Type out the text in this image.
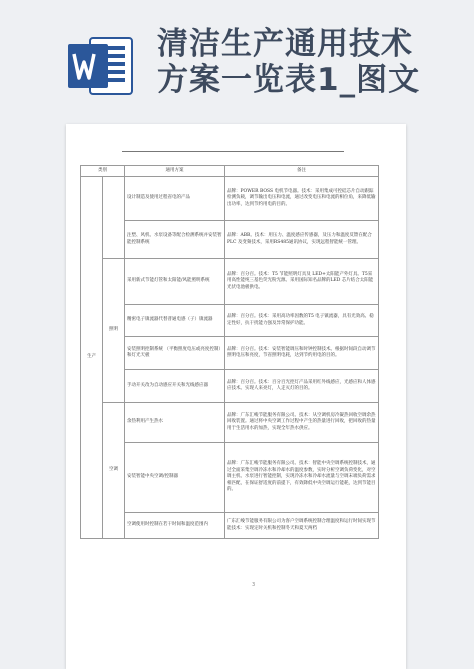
清洁生产通用技术
方案一览表1_图文
类别		通用方案	备注
生产		设计制造及使用过程省电的产品	品牌：POWER BOSS 电机节电器。技术：采用集成可控硅芯片自动跟踪检测负载，调节输出电压和电流，通过改变电压和电流的相位角，来降低输出功率，达到节约用电的目的。
		注塑、风机、水泵设备等配合检测系统并安装智能控制系统	品牌：ABB。技术：用压力、温度感应传感器，及压力和温度反馈在配合 PLC 及变频技术，采用RS485通讯协议，实现远程智能统一管理。
	照明	采用新式节能灯管和太阳能/风能照明系统	品牌：百分百。技术：T5 节能照明灯具及 LED+太阳能产外灯具。T5采用高性能纯三基色荧光粉光源。采用国际知名品牌的LED 芯片结合太阳能光伏电池板供电。
		精密电子镇流器代替普通电感（子）镇流器	品牌：百分百。技术：采用高功率因数的T5 电子镇流器，具有光效高、稳定性好，抗干扰能力强及异常保护功能。
		安装照明控制系统 （平衡照度电压或亮度控制）和灯光天板	品牌：百分百。技术：安装智能调压和时钟控制技术。根据时间段自动调节照明电压和亮度，节省照明电耗，达到节约用电的目的。
		手动开关改为自动感应开关和光线感应器	品牌：百分百。技术：百分百光控灯产品采用红外线感应，光感应和人体感应技术。实现人来亮灯，人走灭灯的目的。
	空调	余热利用产生热水	品牌：广东汇峻节能服务有限公司。技术：从空调机房冷凝热回收空调余热回收装置。通过将中央空调工作过程中产生的热量进行回收，把回收的热量用于生活用水的加热，实现全年热水供应。
		安装智能中央空调/控制器	品牌：广东汇峻节能服务有限公司。技术：智能中央空调系统控制技术，通过全面采集空调冷冻水和冷却水的温度参数，实时分析空调负荷变化，对空调主机、水泵进行智能控制，实现冷冻水和冷却水流量与空调末端负荷需求相匹配，在保证舒适度的前提下，有效降低中央空调运行能耗，达到节能目的。
		空调使用时控制在若干时间和温度范围内	广东汇峻节能服务有限公司为客户空调系统控制合理温度和运行时间实现节能技术：实现定时关机和控制冬天和夏天两档
3
